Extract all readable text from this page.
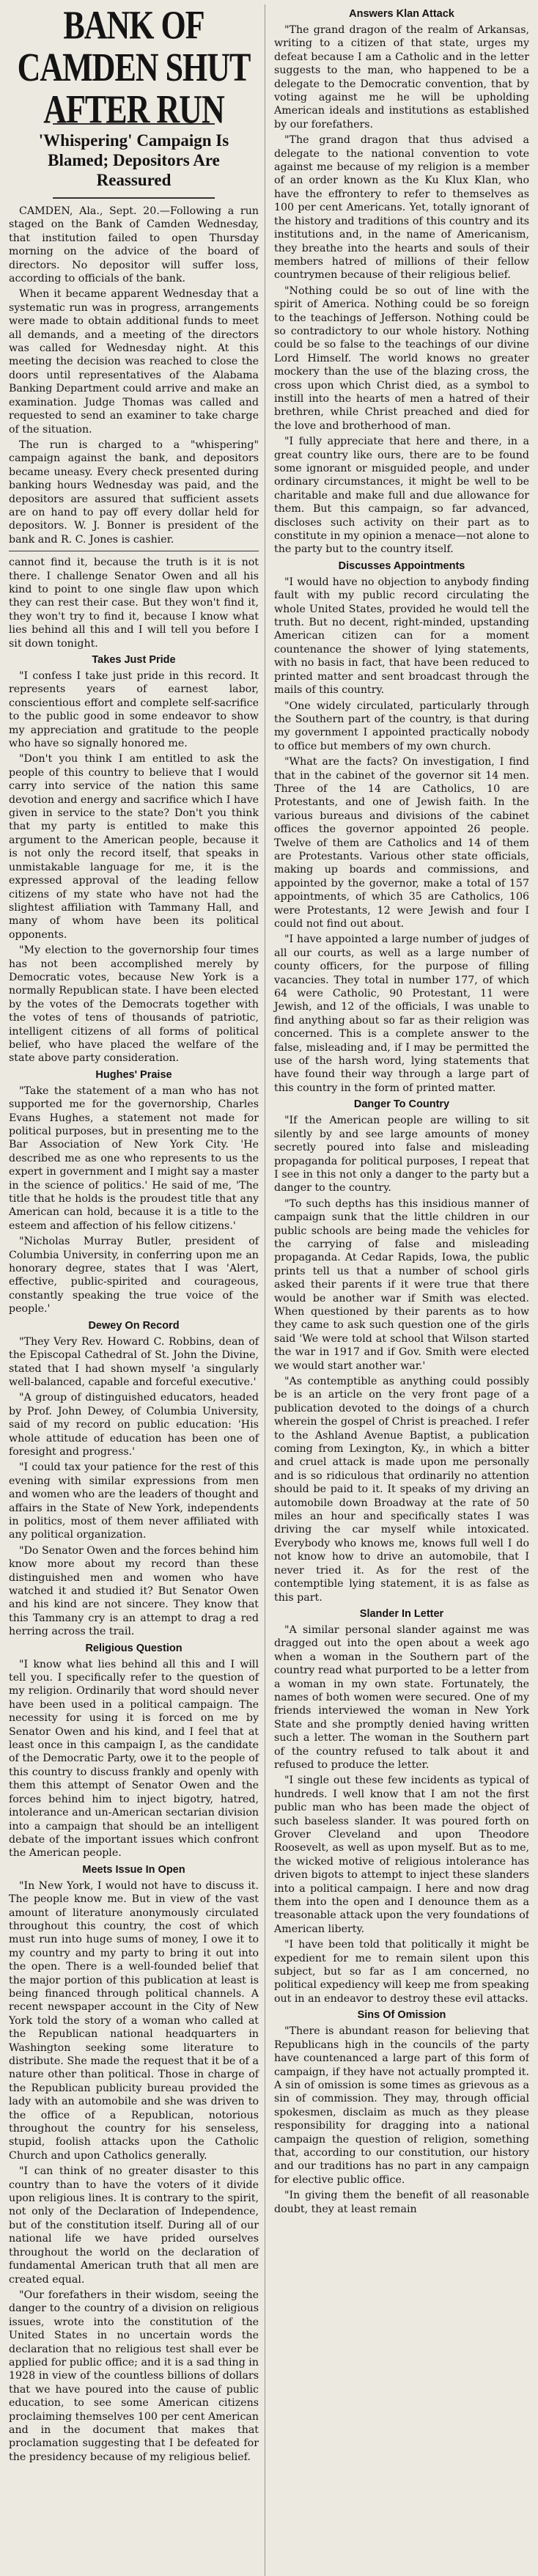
BANK OF CAMDEN SHUT AFTER RUN
'Whispering' Campaign Is Blamed; Depositors Are Reassured

CAMDEN, Ala., Sept. 20.—Following a run staged on the Bank of Camden Wednesday, that institution failed to open Thursday morning on the advice of the board of directors. No depositor will suffer loss, according to officials of the bank.

When it became apparent Wednesday that a systematic run was in progress, arrangements were made to obtain additional funds to meet all demands, and a meeting of the directors was called for Wednesday night. At this meeting the decision was reached to close the doors until representatives of the Alabama Banking Department could arrive and make an examination. Judge Thomas was called and requested to send an examiner to take charge of the situation.

The run is charged to a "whispering" campaign against the bank, and depositors became uneasy. Every check presented during banking hours Wednesday was paid, and the depositors are assured that sufficient assets are on hand to pay off every dollar held for depositors. W. J. Bonner is president of the bank and R. C. Jones is cashier.

cannot find it, because the truth is it is not there. I challenge Senator Owen and all his kind to point to one single flaw upon which they can rest their case. But they won't find it, they won't try to find it, because I know what lies behind all this and I will tell you before I sit down tonight.

Takes Just Pride

"I confess I take just pride in this record. It represents years of earnest labor, conscientious effort and complete self-sacrifice to the public good in some endeavor to show my appreciation and gratitude to the people who have so signally honored me.

"Don't you think I am entitled to ask the people of this country to believe that I would carry into service of the nation this same devotion and energy and sacrifice which I have given in service to the state? Don't you think that my party is entitled to make this argument to the American people, because it is not only the record itself, that speaks in unmistakable language for me, it is the expressed approval of the leading fellow citizens of my state who have not had the slightest affiliation with Tammany Hall, and many of whom have been its political opponents.

"My election to the governorship four times has not been accomplished merely by Democratic votes, because New York is a normally Republican state. I have been elected by the votes of the Democrats together with the votes of tens of thousands of patriotic, intelligent citizens of all forms of political belief, who have placed the welfare of the state above party consideration.

Hughes' Praise

"Take the statement of a man who has not supported me for the governorship, Charles Evans Hughes, a statement not made for political purposes, but in presenting me to the Bar Association of New York City. 'He described me as one who represents to us the expert in government and I might say a master in the science of politics.' He said of me, 'The title that he holds is the proudest title that any American can hold, because it is a title to the esteem and affection of his fellow citizens.'

"Nicholas Murray Butler, president of Columbia University, in conferring upon me an honorary degree, states that I was 'Alert, effective, public-spirited and courageous, constantly speaking the true voice of the people.'

Dewey On Record

"They Very Rev. Howard C. Robbins, dean of the Episcopal Cathedral of St. John the Divine, stated that I had shown myself 'a singularly well-balanced, capable and forceful executive.'

"A group of distinguished educators, headed by Prof. John Dewey, of Columbia University, said of my record on public education: 'His whole attitude of education has been one of foresight and progress.'

"I could tax your patience for the rest of this evening with similar expressions from men and women who are the leaders of thought and affairs in the State of New York, independents in politics, most of them never affiliated with any political organization.

"Do Senator Owen and the forces behind him know more about my record than these distinguished men and women who have watched it and studied it? But Senator Owen and his kind are not sincere. They know that this Tammany cry is an attempt to drag a red herring across the trail.

Religious Question

"I know what lies behind all this and I will tell you. I specifically refer to the question of my religion. Ordinarily that word should never have been used in a political campaign. The necessity for using it is forced on me by Senator Owen and his kind, and I feel that at least once in this campaign I, as the candidate of the Democratic Party, owe it to the people of this country to discuss frankly and openly with them this attempt of Senator Owen and the forces behind him to inject bigotry, hatred, intolerance and un-American sectarian division into a campaign that should be an intelligent debate of the important issues which confront the American people.

Meets Issue In Open

"In New York, I would not have to discuss it. The people know me. But in view of the vast amount of literature anonymously circulated throughout this country, the cost of which must run into huge sums of money, I owe it to my country and my party to bring it out into the open. There is a well-founded belief that the major portion of this publication at least is being financed through political channels. A recent newspaper account in the City of New York told the story of a woman who called at the Republican national headquarters in Washington seeking some literature to distribute. She made the request that it be of a nature other than political. Those in charge of the Republican publicity bureau provided the lady with an automobile and she was driven to the office of a Republican, notorious throughout the country for his senseless, stupid, foolish attacks upon the Catholic Church and upon Catholics generally.

"I can think of no greater disaster to this country than to have the voters of it divide upon religious lines. It is contrary to the spirit, not only of the Declaration of Independence, but of the constitution itself. During all of our national life we have prided ourselves throughout the world on the declaration of fundamental American truth that all men are created equal.

"Our forefathers in their wisdom, seeing the danger to the country of a division on religious issues, wrote into the constitution of the United States in no uncertain words the declaration that no religious test shall ever be applied for public office; and it is a sad thing in 1928 in view of the countless billions of dollars that we have poured into the cause of public education, to see some American citizens proclaiming themselves 100 per cent American and in the document that makes that proclamation suggesting that I be defeated for the presidency because of my religious belief.

Answers Klan Attack

"The grand dragon of the realm of Arkansas, writing to a citizen of that state, urges my defeat because I am a Catholic and in the letter suggests to the man, who happened to be a delegate to the Democratic convention, that by voting against me he will be upholding American ideals and institutions as established by our forefathers.

"The grand dragon that thus advised a delegate to the national convention to vote against me because of my religion is a member of an order known as the Ku Klux Klan, who have the effrontery to refer to themselves as 100 per cent Americans. Yet, totally ignorant of the history and traditions of this country and its institutions and, in the name of Americanism, they breathe into the hearts and souls of their members hatred of millions of their fellow countrymen because of their religious belief.

"Nothing could be so out of line with the spirit of America. Nothing could be so foreign to the teachings of Jefferson. Nothing could be so contradictory to our whole history. Nothing could be so false to the teachings of our divine Lord Himself. The world knows no greater mockery than the use of the blazing cross, the cross upon which Christ died, as a symbol to instill into the hearts of men a hatred of their brethren, while Christ preached and died for the love and brotherhood of man.

"I fully appreciate that here and there, in a great country like ours, there are to be found some ignorant or misguided people, and under ordinary circumstances, it might be well to be charitable and make full and due allowance for them. But this campaign, so far advanced, discloses such activity on their part as to constitute in my opinion a menace—not alone to the party but to the country itself.

Discusses Appointments

"I would have no objection to anybody finding fault with my public record circulating the whole United States, provided he would tell the truth. But no decent, right-minded, upstanding American citizen can for a moment countenance the shower of lying statements, with no basis in fact, that have been reduced to printed matter and sent broadcast through the mails of this country.

"One widely circulated, particularly through the Southern part of the country, is that during my government I appointed practically nobody to office but members of my own church.

"What are the facts? On investigation, I find that in the cabinet of the governor sit 14 men. Three of the 14 are Catholics, 10 are Protestants, and one of Jewish faith. In the various bureaus and divisions of the cabinet offices the governor appointed 26 people. Twelve of them are Catholics and 14 of them are Protestants. Various other state officials, making up boards and commissions, and appointed by the governor, make a total of 157 appointments, of which 35 are Catholics, 106 were Protestants, 12 were Jewish and four I could not find out about.

"I have appointed a large number of judges of all our courts, as well as a large number of county officers, for the purpose of filling vacancies. They total in number 177, of which 64 were Catholic, 90 Protestant, 11 were Jewish, and 12 of the officials, I was unable to find anything about so far as their religion was concerned. This is a complete answer to the false, misleading and, if I may be permitted the use of the harsh word, lying statements that have found their way through a large part of this country in the form of printed matter.

Danger To Country

"If the American people are willing to sit silently by and see large amounts of money secretly poured into false and misleading propaganda for political purposes, I repeat that I see in this not only a danger to the party but a danger to the country.

"To such depths has this insidious manner of campaign sunk that the little children in our public schools are being made the vehicles for the carrying of false and misleading propaganda. At Cedar Rapids, Iowa, the public prints tell us that a number of school girls asked their parents if it were true that there would be another war if Smith was elected. When questioned by their parents as to how they came to ask such question one of the girls said 'We were told at school that Wilson started the war in 1917 and if Gov. Smith were elected we would start another war.'

"As contemptible as anything could possibly be is an article on the very front page of a publication devoted to the doings of a church wherein the gospel of Christ is preached. I refer to the Ashland Avenue Baptist, a publication coming from Lexington, Ky., in which a bitter and cruel attack is made upon me personally and is so ridiculous that ordinarily no attention should be paid to it. It speaks of my driving an automobile down Broadway at the rate of 50 miles an hour and specifically states I was driving the car myself while intoxicated. Everybody who knows me, knows full well I do not know how to drive an automobile, that I never tried it. As for the rest of the contemptible lying statement, it is as false as this part.

Slander In Letter

"A similar personal slander against me was dragged out into the open about a week ago when a woman in the Southern part of the country read what purported to be a letter from a woman in my own state. Fortunately, the names of both women were secured. One of my friends interviewed the woman in New York State and she promptly denied having written such a letter. The woman in the Southern part of the country refused to talk about it and refused to produce the letter.

"I single out these few incidents as typical of hundreds. I well know that I am not the first public man who has been made the object of such baseless slander. It was poured forth on Grover Cleveland and upon Theodore Roosevelt, as well as upon myself. But as to me, the wicked motive of religious intolerance has driven bigots to attempt to inject these slanders into a political campaign. I here and now drag them into the open and I denounce them as a treasonable attack upon the very foundations of American liberty.

"I have been told that politically it might be expedient for me to remain silent upon this subject, but so far as I am concerned, no political expediency will keep me from speaking out in an endeavor to destroy these evil attacks.

Sins Of Omission

"There is abundant reason for believing that Republicans high in the councils of the party have countenanced a large part of this form of campaign, if they have not actually prompted it. A sin of omission is some times as grievous as a sin of commission. They may, through official spokesmen, disclaim as much as they please responsibility for dragging into a national campaign the question of religion, something that, according to our constitution, our history and our traditions has no part in any campaign for elective public office.

"In giving them the benefit of all reasonable doubt, they at least remain
